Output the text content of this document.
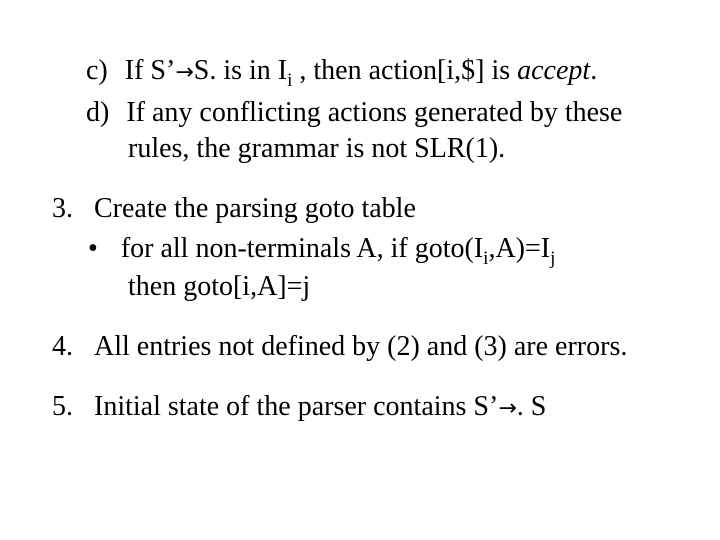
c) If S’→S. is in $I_i$ , then action[i,$] is accept.
d) If any conflicting actions generated by these
rules, the grammar is not SLR(1).
3. Create the parsing goto table
• for all non-terminals A, if $goto(I_i,A)=I_j$
then goto[i,A]=j
4. All entries not defined by (2) and (3) are errors.
5. Initial state of the parser contains S’→. S
